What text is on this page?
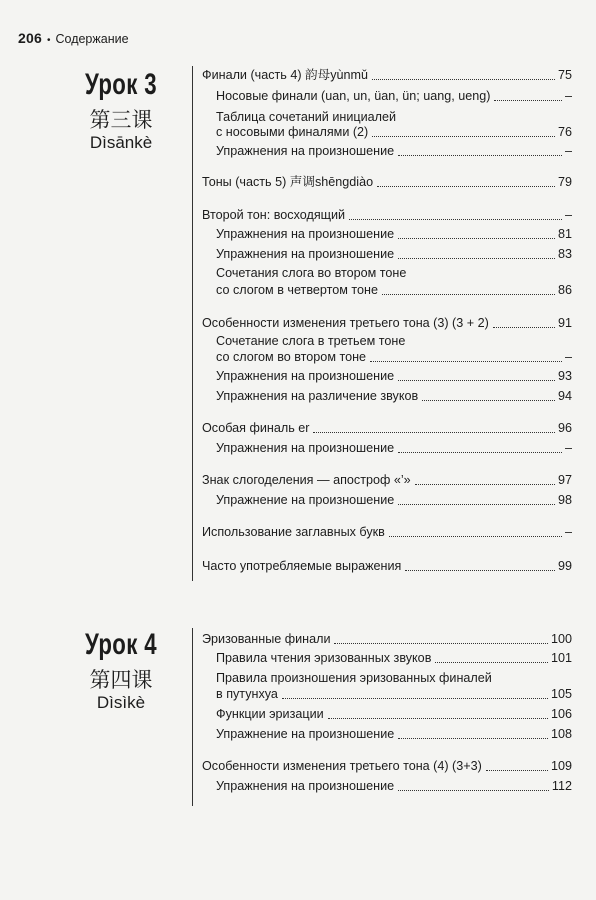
206 • Содержание
Урок 3
第三课
Dìsānkè
Урок 4
第四课
Dìsìkè
Финали (часть 4) 韵母yùnmǔ	75
Носовые финали (uan, un, üan, ün; uang, ueng)	–
Таблица сочетаний инициалей
с носовыми финалями (2)	76
Упражнения на произношение	–
Тоны (часть 5) 声调shēngdiào	79
Второй тон: восходящий	–
Упражнения на произношение	81
Упражнения на произношение	83
Сочетания слога во втором тоне
со слогом в четвертом тоне	86
Особенности изменения третьего тона (3) (3 + 2)	91
Сочетание слога в третьем тоне
со слогом во втором тоне	–
Упражнения на произношение	93
Упражнения на различение звуков	94
Особая финаль er	96
Упражнения на произношение	–
Знак слогоделения — апостроф «’»	97
Упражнение на произношение	98
Использование заглавных букв	–
Часто употребляемые выражения	99
Эризованные финали	100
Правила чтения эризованных звуков	101
Правила произношения эризованных финалей
в путунхуа	105
Функции эризации	106
Упражнение на произношение	108
Особенности изменения третьего тона (4) (3+3)	109
Упражнения на произношение	112
